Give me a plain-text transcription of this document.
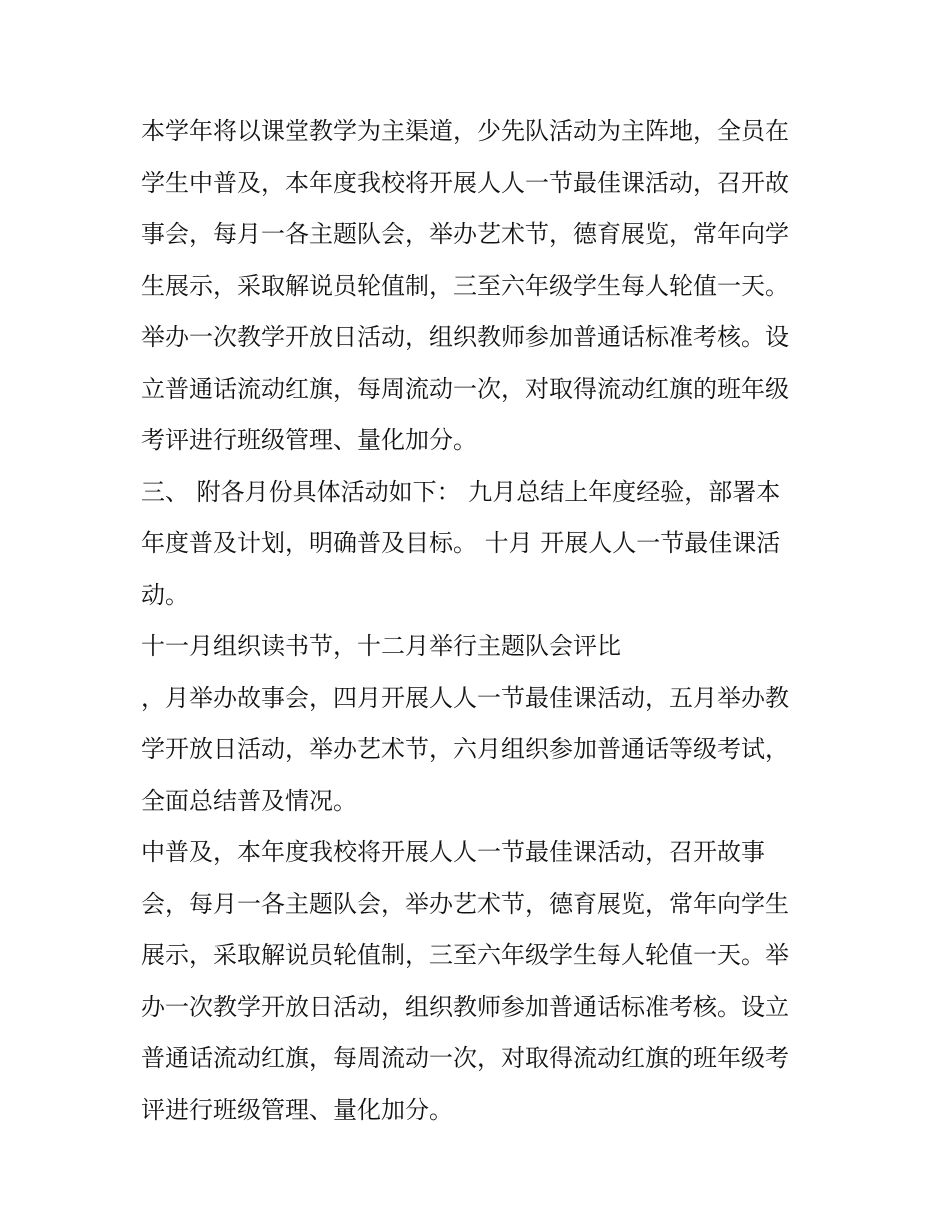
本学年将以课堂教学为主渠道，少先队活动为主阵地，全员在
学生中普及，本年度我校将开展人人一节最佳课活动，召开故
事会，每月一各主题队会，举办艺术节，德育展览，常年向学
生展示，采取解说员轮值制，三至六年级学生每人轮值一天。
举办一次教学开放日活动，组织教师参加普通话标准考核。设
立普通话流动红旗，每周流动一次，对取得流动红旗的班年级
考评进行班级管理、量化加分。
三、 附各月份具体活动如下： 九月总结上年度经验，部署本
年度普及计划，明确普及目标。 十月 开展人人一节最佳课活
动。
十一月组织读书节，十二月举行主题队会评比
，月举办故事会，四月开展人人一节最佳课活动，五月举办教
学开放日活动，举办艺术节，六月组织参加普通话等级考试，
全面总结普及情况。
中普及，本年度我校将开展人人一节最佳课活动，召开故事
会，每月一各主题队会，举办艺术节，德育展览，常年向学生
展示，采取解说员轮值制，三至六年级学生每人轮值一天。举
办一次教学开放日活动，组织教师参加普通话标准考核。设立
普通话流动红旗，每周流动一次，对取得流动红旗的班年级考
评进行班级管理、量化加分。
